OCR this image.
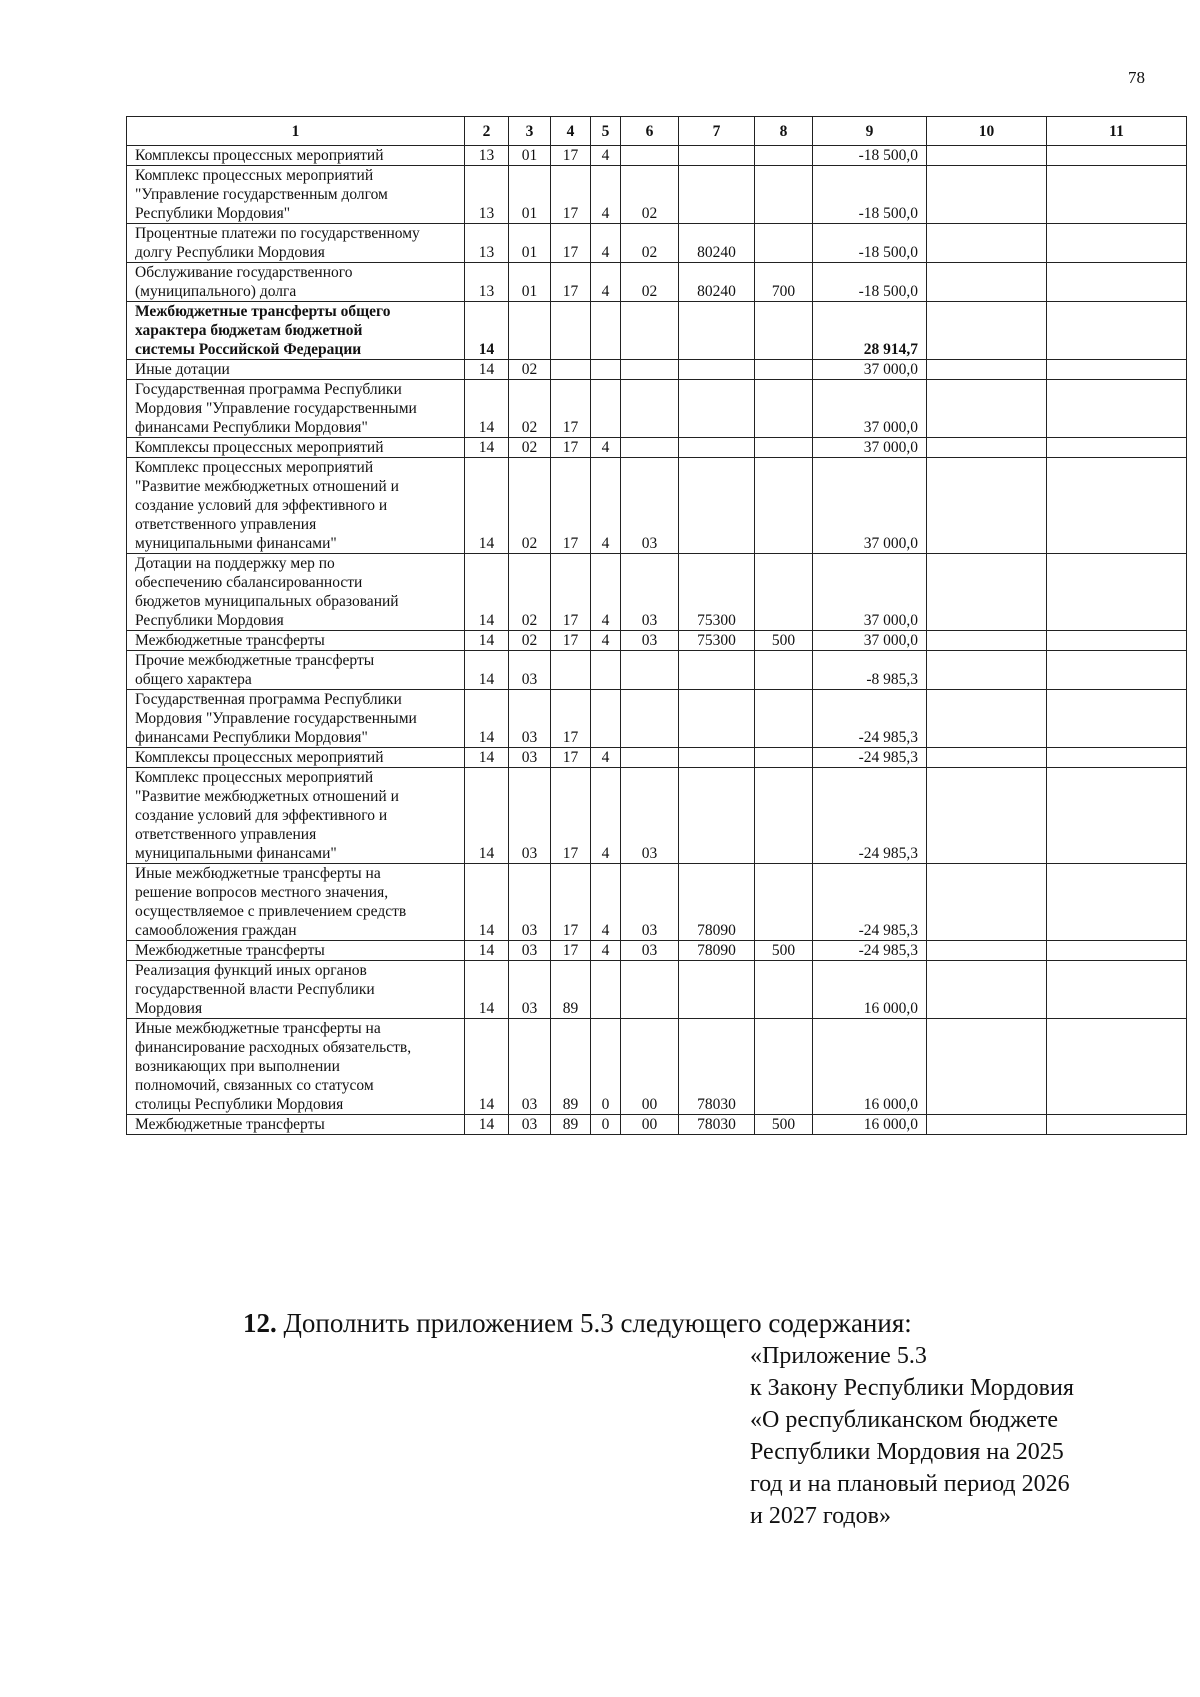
78
1	2	3	4	5	6	7	8	9	10	11

Комплексы процессных мероприятий	13	01	17	4				-18 500,0		

Комплекс процессных мероприятий
"Управление государственным долгом
Республики Мордовия"	13	01	17	4	02			-18 500,0		

Процентные платежи по государственному
долгу Республики Мордовия	13	01	17	4	02	80240		-18 500,0		

Обслуживание государственного
(муниципального) долга	13	01	17	4	02	80240	700	-18 500,0		

Межбюджетные трансферты общего
характера бюджетам бюджетной
системы Российской Федерации	14							28 914,7		

Иные дотации	14	02						37 000,0		

Государственная программа Республики
Мордовия "Управление государственными
финансами Республики Мордовия"	14	02	17					37 000,0		

Комплексы процессных мероприятий	14	02	17	4				37 000,0		

Комплекс процессных мероприятий
"Развитие межбюджетных отношений и
создание условий для эффективного и
ответственного управления
муниципальными финансами"	14	02	17	4	03			37 000,0		

Дотации на поддержку мер по
обеспечению сбалансированности
бюджетов муниципальных образований
Республики Мордовия	14	02	17	4	03	75300		37 000,0		

Межбюджетные трансферты	14	02	17	4	03	75300	500	37 000,0		

Прочие межбюджетные трансферты
общего характера	14	03						-8 985,3		

Государственная программа Республики
Мордовия "Управление государственными
финансами Республики Мордовия"	14	03	17					-24 985,3		

Комплексы процессных мероприятий	14	03	17	4				-24 985,3		

Комплекс процессных мероприятий
"Развитие межбюджетных отношений и
создание условий для эффективного и
ответственного управления
муниципальными финансами"	14	03	17	4	03			-24 985,3		

Иные межбюджетные трансферты на
решение вопросов местного значения,
осуществляемое с привлечением средств
самообложения граждан	14	03	17	4	03	78090		-24 985,3		

Межбюджетные трансферты	14	03	17	4	03	78090	500	-24 985,3		

Реализация функций иных органов
государственной власти Республики
Мордовия	14	03	89					16 000,0		

Иные межбюджетные трансферты на
финансирование расходных обязательств,
возникающих при выполнении
полномочий, связанных со статусом
столицы Республики Мордовия	14	03	89	0	00	78030		16 000,0		

Межбюджетные трансферты	14	03	89	0	00	78030	500	16 000,0		
12. Дополнить приложением 5.3 следующего содержания:
«Приложение 5.3
к Закону Республики Мордовия
«О республиканском бюджете
Республики Мордовия на 2025
год и на плановый период 2026
и 2027 годов»
